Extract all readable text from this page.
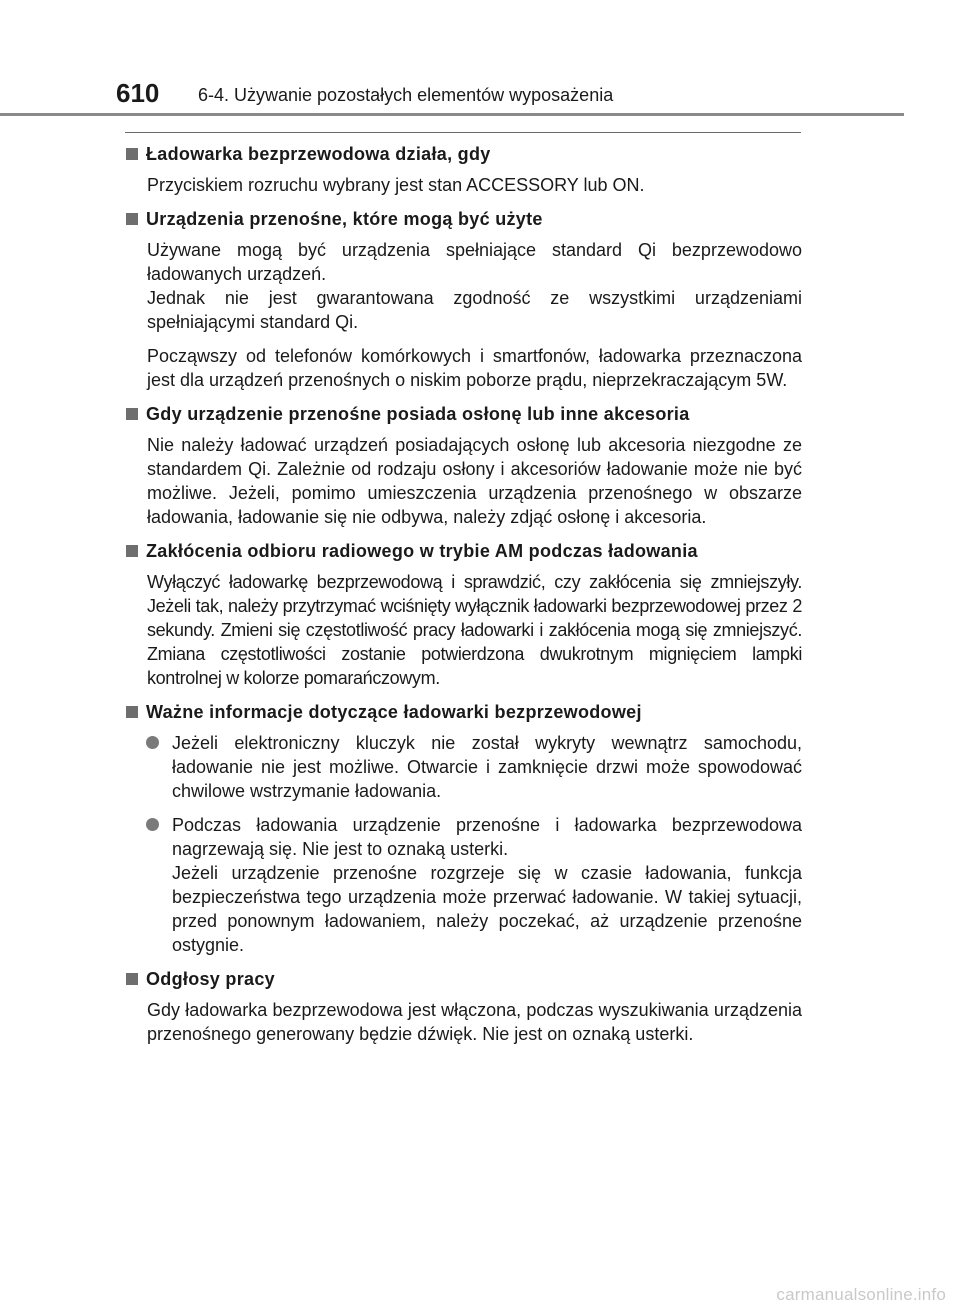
610 6-4. Używanie pozostałych elementów wyposażenia
Ładowarka bezprzewodowa działa, gdy

Przyciskiem rozruchu wybrany jest stan ACCESSORY lub ON.

Urządzenia przenośne, które mogą być użyte

Używane mogą być urządzenia spełniające standard Qi bezprzewodowo ładowanych urządzeń.
Jednak nie jest gwarantowana zgodność ze wszystkimi urządzeniami spełniającymi standard Qi.

Począwszy od telefonów komórkowych i smartfonów, ładowarka przeznaczona jest dla urządzeń przenośnych o niskim poborze prądu, nieprzekraczającym 5W.

Gdy urządzenie przenośne posiada osłonę lub inne akcesoria

Nie należy ładować urządzeń posiadających osłonę lub akcesoria niezgodne ze standardem Qi. Zależnie od rodzaju osłony i akcesoriów ładowanie może nie być możliwe. Jeżeli, pomimo umieszczenia urządzenia przenośnego w obszarze ładowania, ładowanie się nie odbywa, należy zdjąć osłonę i akcesoria.

Zakłócenia odbioru radiowego w trybie AM podczas ładowania

Wyłączyć ładowarkę bezprzewodową i sprawdzić, czy zakłócenia się zmniejszyły. Jeżeli tak, należy przytrzymać wciśnięty wyłącznik ładowarki bezprzewodowej przez 2 sekundy. Zmieni się częstotliwość pracy ładowarki i zakłócenia mogą się zmniejszyć. Zmiana częstotliwości zostanie potwierdzona dwukrotnym mignięciem lampki kontrolnej w kolorze pomarańczowym.

Ważne informacje dotyczące ładowarki bezprzewodowej
Jeżeli elektroniczny kluczyk nie został wykryty wewnątrz samochodu, ładowanie nie jest możliwe. Otwarcie i zamknięcie drzwi może spowodować chwilowe wstrzymanie ładowania.
Podczas ładowania urządzenie przenośne i ładowarka bezprzewodowa nagrzewają się. Nie jest to oznaką usterki.
Jeżeli urządzenie przenośne rozgrzeje się w czasie ładowania, funkcja bezpieczeństwa tego urządzenia może przerwać ładowanie. W takiej sytuacji, przed ponownym ładowaniem, należy poczekać, aż urządzenie przenośne ostygnie.
Odgłosy pracy

Gdy ładowarka bezprzewodowa jest włączona, podczas wyszukiwania urządzenia przenośnego generowany będzie dźwięk. Nie jest on oznaką usterki.

carmanualsonline.info
